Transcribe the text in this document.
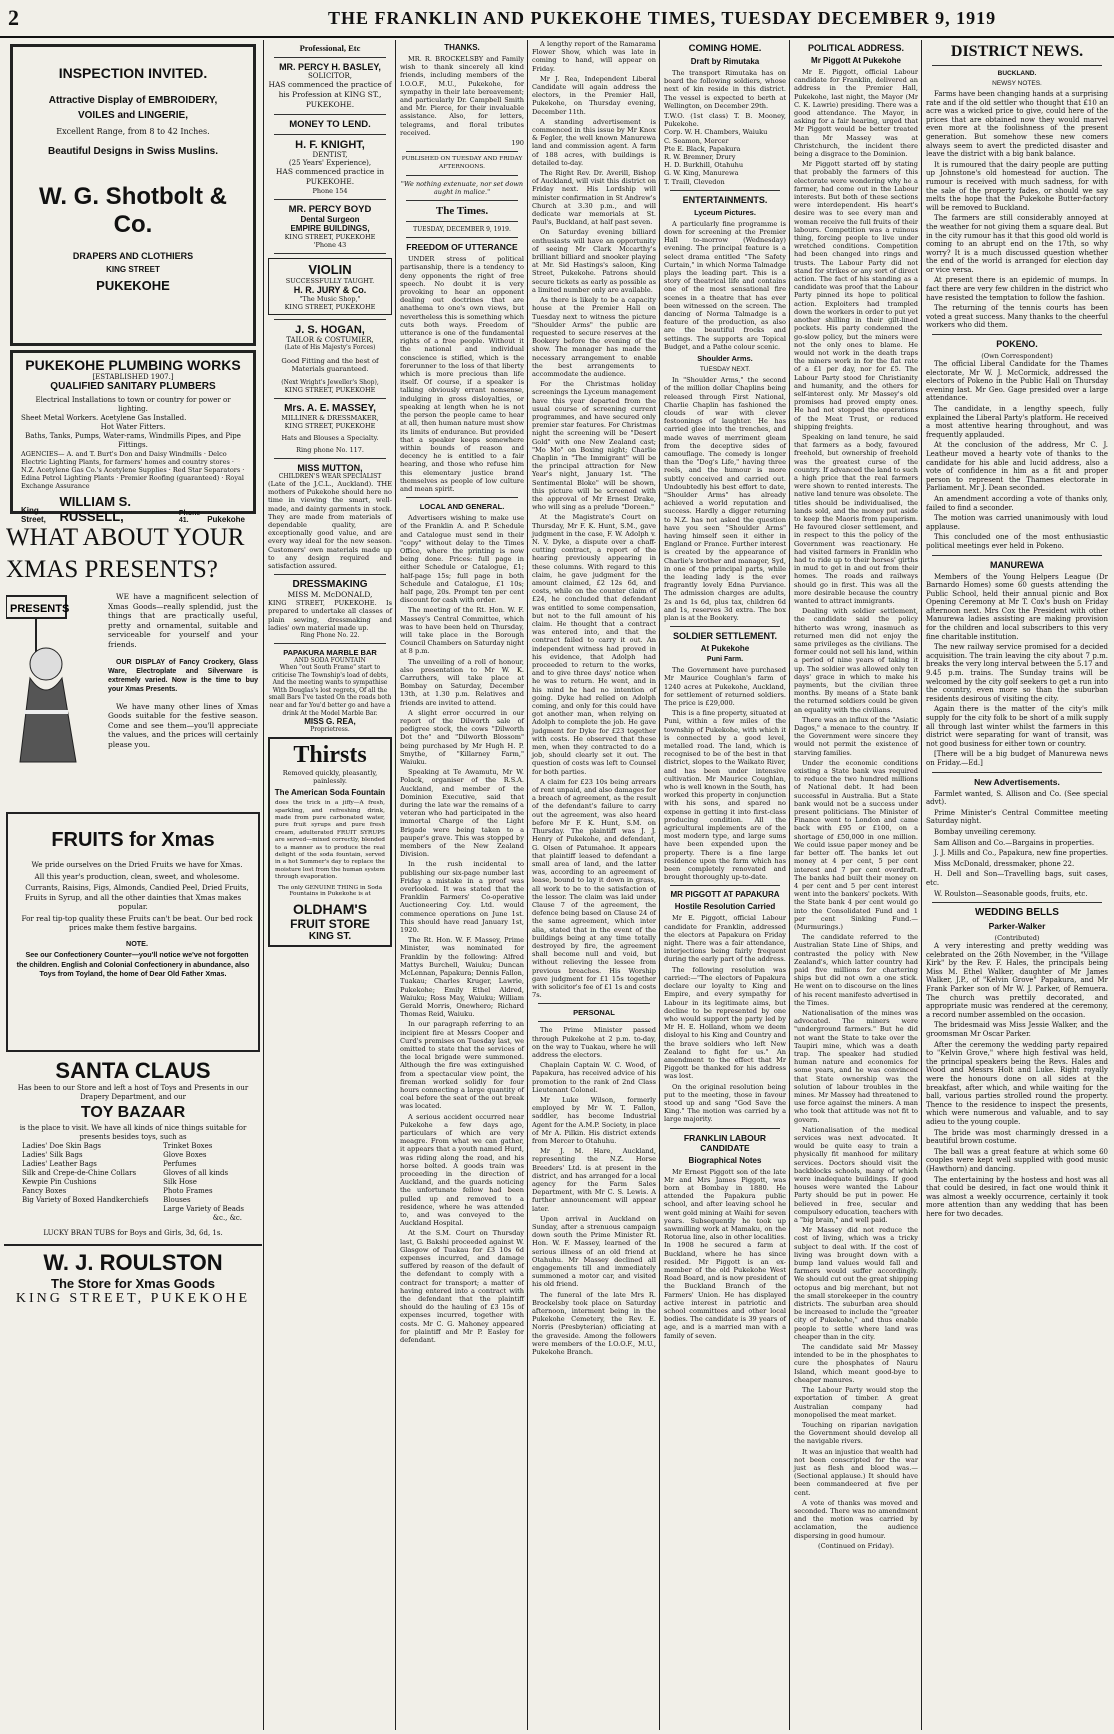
2	THE FRANKLIN AND PUKEKOHE TIMES, TUESDAY DECEMBER 9, 1919
INSPECTION INVITED.
Attractive Display of EMBROIDERY,
VOILES and LINGERIE,
Excellent Range, from 8 to 42 Inches.
Beautiful Designs in Swiss Muslins.
W. G. Shotbolt & Co.
DRAPERS AND CLOTHIERS
KING STREET
PUKEKOHE
PUKEKOHE PLUMBING WORKS
[ESTABLISHED 1907.]
QUALIFIED SANITARY PLUMBERS
Electrical Installations to town or country for power or lighting.
Sheet Metal Workers. Acetylene Gas Installed.
Hot Water Fitters.
Baths, Tanks, Pumps, Water-rams, Windmills Pipes, and Pipe Fittings.
AGENCIES— A. and T. Burt's Don and Daisy Windmills · Delco Electric Lighting Plants, for farmers' homes and country stores · N.Z. Acetylene Gas Co.'s Acetylene Supplies · Red Star Separators · Edina Petrol Lighting Plants · Premier Roofing (guaranteed) · Royal Exchange Assurance
King Street,
WILLIAM S. RUSSELL,	Phone 41.	Pukekohe
WHAT ABOUT YOUR
XMAS PRESENTS?
PRESENTS

WE have a magnificent selection of Xmas Goods—really splendid, just the things that are practically useful, pretty and ornamental, suitable and serviceable for yourself and your friends.

OUR DISPLAY of Fancy Crockery, Glass Ware, Electroplate and Silverware is extremely varied. Now is the time to buy your Xmas Presents.

We have many other lines of Xmas Goods suitable for the festive season. Come and see them—you'll appreciate the values, and the prices will certainly please you.

FRUITS for Xmas

We pride ourselves on the Dried Fruits we have for Xmas.

All this year's production, clean, sweet, and wholesome.

Currants, Raisins, Figs, Almonds, Candied Peel, Dried Fruits, Fruits in Syrup, and all the other dainties that Xmas makes popular.

For real tip-top quality these Fruits can't be beat. Our bed rock prices make them festive bargains.

NOTE.

See our Confectionery Counter—you'll notice we've not forgotten the children. English and Colonial Confectionery in abundance, also Toys from Toyland, the home of Dear Old Father Xmas.

SANTA CLAUS
Has been to our Store and left a host of Toys and Presents in our Drapery Department, and our
TOY BAZAAR
is the place to visit. We have all kinds of nice things suitable for presents besides toys, such as
Ladies' Doe Skin Bags
Ladies' Silk Bags
Ladies' Leather Bags
Silk and Crepe-de-Chine Collars
Kewpie Pin Cushions
Fancy Boxes
Big Variety of Boxed Handkerchiefs
Trinket Boxes
Glove Boxes
Perfumes
Gloves of all kinds
Silk Hose
Photo Frames
Blouses
Large Variety of Beads
&c., &c.
LUCKY BRAN TUBS for Boys and Girls, 3d, 6d, 1s.
W. J. ROULSTON
The Store for Xmas Goods
KING STREET, PUKEKOHE
Professional, Etc
MR. PERCY H. BASLEY,
SOLICITOR,
HAS commenced the practice of his Profession at KING ST., PUKEKOHE.
MONEY TO LEND.
H. F. KNIGHT,
DENTIST,
(25 Years' Experience),
HAS commenced practice in PUKEKOHE.
Phone 154
MR. PERCY BOYD
Dental Surgeon
EMPIRE BUILDINGS,
KING STREET, PUKEKOHE
'Phone 43
VIOLIN
SUCCESSFULLY TAUGHT.
H. R. JURY & Co.
"The Music Shop,"
KING STREET, PUKEKOHE
J. S. HOGAN,
TAILOR & COSTUMIER,
(Late of His Majesty's Forces)
Good Fitting and the best of Materials guaranteed.
(Next Wright's Jeweller's Shop),
KING STREET, PUKEKOHE
Mrs. A. E. MASSEY,
MILLINER & DRESSMAKER,
KING STREET, PUKEKOHE
Hats and Blouses a Specialty.
Ring phone No. 117.
MISS MUTTON,
CHILDREN'S WEAR SPECIALIST
(Late of the J.C.L., Auckland). THE mothers of Pukekohe should here no time in viewing the smart, well-made, and dainty garments in stock. They are made from materials of dependable quality, are exceptionally good value, and are every way ideal for the new season. Customers' own materials made up to any design required and satisfaction assured.
DRESSMAKING
MISS M. McDONALD,
KING STREET, PUKEKOHE. Is prepared to undertake all classes of plain sewing, dressmaking and ladies' own material made up.
Ring Phone No. 22.
PAPAKURA MARBLE BAR
AND SODA FOUNTAIN
When "out South Frame" start to criticise The Township's load of debts, And the meeting wants to sympathise With Douglas's lost regrets, Of all the small Bars I've tasted On the roads both near and far You'd better go and have a drink At the Model Marble Bar.
MISS G. REA,
Proprietress.
Thirsts
Removed quickly, pleasantly, painlessly.
The American Soda Fountain
does the trick in a jiffy—A fresh, sparkling, and refreshing drink, made from pure carbonated water, pure fruit syrups and pure fresh cream, adulterated FRUIT SYRUPS are served—mixed correctly, blended to a manner as to produce the real delight of the soda fountain, served in a hot Summer's day to replace the moisture lost from the human system through evaporation.
The only GENUINE THING in Soda Fountains in Pukekohe is at
OLDHAM'S
FRUIT STORE
KING ST.
THANKS.

MR. R. BROCKELSBY and Family wish to thank sincerely all kind friends, including members of the I.O.O.F., M.U., Pukekohe, for sympathy in their late bereavement; and particularly Dr. Campbell Smith and Mr. Pierce, for their invaluable assistance. Also, for letters, telegrams, and floral tributes received.

190
PUBLISHED ON TUESDAY AND FRIDAY AFTERNOONS.
"We nothing extenuate, nor set down aught in malice."
The Times.
TUESDAY, DECEMBER 9, 1919.
FREEDOM OF UTTERANCE

UNDER stress of political partisanship, there is a tendency to deny opponents the right of free speech. No doubt it is very provoking to hear an opponent dealing out doctrines that are anathema to one's own views, but nevertheless this is something which cuts both ways. Freedom of utterance is one of the fundamental rights of a free people. Without it the national and individual conscience is stifled, which is the forerunner to the loss of that liberty which is more precious than life itself. Of course, if a speaker is talking obviously errant nonsense, indulging in gross disloyalties, or speaking at length when he is not the person the people came to hear at all, then human nature must show its limits of endurance. But provided that a speaker keeps somewhere within bounds of reason and decency he is entitled to a fair hearing, and those who refuse him this elementary justice brand themselves as people of low culture and mean spirit.

LOCAL AND GENERAL.

Advertisers wishing to make use of the Franklin A. and P. Schedule and Catalogue must send in their "copy" without delay to the Times Office, where the printing is now being done. Prices: full page in either Schedule or Catalogue, £1; half-page 15s; full page in both Schedule and Catalogue, £1 10s; half page, 20s. Prompt ten per cent discount for cash with order.

The meeting of the Rt. Hon. W. F. Massey's Central Committee, which was to have been held on Thursday, will take place in the Borough Council Chambers on Saturday night at 8 p.m.

The unveiling of a roll of honour, also presentation to Mr W. K. Carruthers, will take place at Bombay on Saturday, December 13th, at 1.30 p.m. Relatives and friends are invited to attend.

A slight error occurred in our report of the Dilworth sale of pedigree stock, the cows "Dilworth Dot the" and "Dilworth Blossom" being purchased by Mr Hugh H. P. Smythe, of "Killarney Farm," Waiuku.

Speaking at Te Awamutu, Mr W. Polack, organiser of the R.S.A. Auckland, and member of the Dominion Executive, said that during the late war the remains of a veteran who had participated in the immortal Charge of the Light Brigade were being taken to a pauper's grave. This was stopped by members of the New Zealand Division.

In the rush incidental to publishing our six-page number last Friday a mistake in a proof was overlooked. It was stated that the Franklin Farmers' Co-operative Auctioneering Coy. Ltd. would commence operations on June 1st. This should have read January 1st, 1920.

The Rt. Hon. W. F. Massey, Prime Minister, was nominated for Franklin by the following: Alfred Mattys Burchell, Waiuku; Duncan McLennan, Papakura; Dennis Fallon, Tuakau; Charles Kruger, Lawrie, Pukekohe; Emily Ethel Aldred, Waiuku; Ross May, Waiuku; William Gerald Morris, Onewhero; Richard Thomas Reid, Waiuku.

In our paragraph referring to an incipient fire at Messrs Cooper and Curd's premises on Tuesday last, we omitted to state that the services of the local brigade were summoned. Although the fire was extinguished from a spectacular view point, the fireman worked solidly for four hours connecting a large quantity of coal before the seat of the out break was located.

A serious accident occurred near Pukekohe a few days ago, particulars of which are very meagre. From what we can gather, it appears that a youth named Hurd, was riding along the road, and his horse bolted. A goods train was proceeding in the direction of Auckland, and the guards noticing the unfortunate fellow had been pulled up and removed to a residence, where he was attended to, and was conveyed to the Auckland Hospital.

At the S.M. Court on Thursday last, G. Bakshi proceeded against W. Glasgow of Tuakau for £3 10s 6d expenses incurred, and damage suffered by reason of the default of the defendant to comply with a contract for transport; a matter of having entered into a contract with the defendant that the plaintiff should do the hauling of £3 15s of expenses incurred, together with costs. Mr C. G. Mahoney appeared for plaintiff and Mr P. Easley for defendant.

A lengthy report of the Ramarama Flower Show, which was late in coming to hand, will appear on Friday.

Mr J. Rea, Independent Liberal Candidate will again address the electors, in the Premier Hall, Pukekohe, on Thursday evening, December 11th.

A standing advertisement is commenced in this issue by Mr Knox & Fegler, the well known Manurewa land and commission agent. A farm of 188 acres, with buildings is detailed to-day.

The Right Rev. Dr. Averill, Bishop of Auckland, will visit this district on Friday next. His Lordship will minister confirmation in St Andrew's Church at 3.30 p.m., and will dedicate war memorials at St. Paul's, Buckland, at half past seven.

On Saturday evening billiard enthusiasts will have an opportunity of seeing Mr Clark Mccarthy's brilliant billiard and snooker playing at Mr. Sid Hastings's saloon, King Street, Pukekohe. Patrons should secure tickets as early as possible as a limited number only are available.

As there is likely to be a capacity house at the Premier Hall on Tuesday next to witness the picture "Shoulder Arms" the public are requested to secure reserves at the Bookery before the evening of the show. The manager has made the necessary arrangement to enable the best arrangements to accommodate the audience.

For the Christmas holiday screenings the Lyceum management have this year departed from the usual course of screening current programmes, and have secured only premier star features. For Christmas night the screening will be "Desert Gold" with one New Zealand cast; "Mo Mo" on Boxing night; Charlie Chaplin in "The Immigrant" will be the principal attraction for New Year's night, January 1st. "The Sentimental Bloke" will be shown, this picture will be screened with the approval of Mr Ernest Drake, who will sing as a prelude "Doreen."

At the Magistrate's Court on Thursday, Mr F. K. Hunt, S.M., gave judgment in the case, F. W. Adolph v. N. V. Dyke, a dispute over a chaff-cutting contract, a report of the hearing previously appearing in these columns. With regard to this claim, he gave judgment for the amount claimed, £2 12s 6d, and costs, while on the counter claim of £24, he concluded that defendant was entitled to some compensation, but not to the full amount of his claim. He thought that a contract was entered into, and that the contract failed to carry it out. An independent witness had proved in his evidence, that Adolph had proceeded to return to the works, and to give three days' notice when he was to return. He went, and in his mind he had no intention of going. Dyke had relied on Adolph coming, and only for this could have got another man, when relying on Adolph to complete the job. He gave judgment for Dyke for £23 together with costs. He observed that these men, when they contracted to do a job, should clearly set it out. The question of costs was left to Counsel for both parties.

A claim for £23 10s being arrears of rent unpaid, and also damages for a breach of agreement, as the result of the defendant's failure to carry out the agreement, was also heard before Mr F. K. Hunt, S.M. on Thursday. The plaintiff was J. J. Henry of Pukekohe, and defendant, G. Olsen of Patumahoe. It appears that plaintiff leased to defendant a small area of land, and the latter was, according to an agreement of lease, bound to lay it down in grass, all work to be to the satisfaction of the lessor. The claim was laid under Clause 7 of the agreement, the defence being based on Clause 24 of the same agreement, which inter alia, stated that in the event of the buildings being at any time totally destroyed by fire, the agreement shall become null and void, but without relieving the lessee from previous breaches. His Worship gave judgment for £1 15s together with solicitor's fee of £1 1s and costs 7s.

PERSONAL

The Prime Minister passed through Pukekohe at 2 p.m. to-day, on the way to Tuakau, where he will address the electors.

Chaplain Captain W. C. Wood, of Papakura, has received advice of his promotion to the rank of 2nd Class Lieutenant Colonel.

Mr Luke Wilson, formerly employed by Mr W. T. Fallon, saddler, has become Industrial Agent for the A.M.P. Society, in place of Mr A. Pilkin. His district extends from Mercer to Otahuhu.

Mr J. M. Hare, Auckland, representing the N.Z. Horse Breeders' Ltd. is at present in the district, and has arranged for a local agency for the Farm Sales Department, with Mr C. S. Lewis. A further announcement will appear later.

Upon arrival in Auckland on Sunday, after a strenuous campaign down south the Prime Minister Rt. Hon. W. F. Massey, learned of the serious illness of an old friend at Otahuhu. Mr Massey declined all engagements till and immediately summoned a motor car, and visited his old friend.

The funeral of the late Mrs R. Brockelsby took place on Saturday afternoon, interment being in the Pukekohe Cemetery, the Rev. E. Norris (Presbyterian) officiating at the graveside. Among the followers were members of the I.O.O.F., M.U., Pukekohe Branch.

COMING HOME.
Draft by Rimutaka

The transport Rimutaka has on board the following soldiers, whose next of kin reside in this district. The vessel is expected to berth at Wellington, on December 29th.

T.W.O. (1st class) T. B. Mooney, Pukekohe.
Corp. W. H. Chambers, Waiuku
C. Seamon, Mercer
Pte E. Black, Papakura
R. W. Bremner, Drury
H. D. Burkhill, Otahuhu
G. W. King, Manurewa
T. Traill, Clevedon
ENTERTAINMENTS.
Lyceum Pictures.

A particularly fine programme is down for screening at the Premier Hall to-morrow (Wednesday) evening. The principal feature is a select drama entitled "The Safety Curtain," in which Norma Talmadge plays the leading part. This is a story of theatrical life and contains one of the most sensational fire scenes in a theatre that has ever been witnessed on the screen. The dancing of Norma Talmadge is a feature of the production, as also are the beautiful frocks and settings. The supports are Topical Budget, and a Pathe colour scenic.

Shoulder Arms.
TUESDAY NEXT.

In "Shoulder Arms," the second of the million dollar Chaplins being released through First National, Charlie Chaplin has fashioned the clouds of war with clever festoonings of laughter. He has carried glee into the trenches, and made waves of merriment gleam from the deceptive sides of camouflage. The comedy is longer than the "Dog's Life," having three reels, and the humour is more subtly conceived and carried out. Undoubtedly his best effort to date, "Shoulder Arms" has already achieved a world reputation and success. Hardly a digger returning to N.Z. has not asked the question have you seen "Shoulder Arms" having himself seen it either in England or France. Further interest is created by the appearance of Charlie's brother and manager, Syd, in one of the principal parts, while the leading lady is the ever fragrantly lovely Edna Purviance. The admission charges are adults, 2s and 1s 6d, plus tax, children 6d and 1s, reserves 3d extra. The box plan is at the Bookery.

SOLDIER SETTLEMENT.
At Pukekohe
Puni Farm.

The Government have purchased Mr Maurice Coughlan's farm of 1240 acres at Pukekohe, Auckland, for settlement of returned soldiers. The price is £29,000.

This is a fine property, situated at Puni, within a few miles of the township of Pukekohe, with which it is connected by a good level, metalled road. The land, which is recognised to be of the best in that district, slopes to the Waikato River, and has been under intensive cultivation. Mr Maurice Coughlan, who is well known in the South, has worked this property in conjunction with his sons, and spared no expense in getting it into first-class producing condition. All the agricultural implements are of the most modern type, and large sums have been expended upon the property. There is a fine large residence upon the farm which has been completely renovated and brought thoroughly up-to-date.

MR PIGGOTT AT PAPAKURA
Hostile Resolution Carried

Mr E. Piggott, official Labour candidate for Franklin, addressed the electors at Papakura on Friday night. There was a fair attendance, interjections being fairly frequent during the early part of the address.

The following resolution was carried:—"The electors of Papakura declare our loyalty to King and Empire, and every sympathy for Labour in its legitimate aims, but decline to be represented by one who would support the party led by Mr H. E. Holland, whom we deem disloyal to his King and Country and the brave soldiers who left New Zealand to fight for us." An amendment to the effect that Mr Piggott be thanked for his address was lost.

On the original resolution being put to the meeting, those in favour stood up and sang "God Save the King." The motion was carried by a large majority.

FRANKLIN LABOUR CANDIDATE
Biographical Notes

Mr Ernest Piggott son of the late Mr and Mrs James Piggott, was born at Bombay in 1880. He attended the Papakura public school, and after leaving school he went gold mining at Waihi for seven years. Subsequently he took up sawmilling work at Mamaku, on the Rotorua line, also in other localities. In 1908 he secured a farm at Buckland, where he has since resided. Mr Piggott is an ex-member of the old Pukekohe West Road Board, and is now president of the Buckland Branch of the Farmers' Union. He has displayed active interest in patriotic and school committees and other local bodies. The candidate is 39 years of age, and is a married man with a family of seven.

POLITICAL ADDRESS.
Mr Piggott At Pukekohe

Mr E. Piggott, official Labour candidate for Franklin, delivered an address in the Premier Hall, Pukekohe, last night, the Mayor (Mr C. K. Lawrie) presiding. There was a good attendance. The Mayor, in asking for a fair hearing, urged that Mr Piggott would be better treated than Mr Massey was at Christchurch, the incident there being a disgrace to the Dominion.

Mr Piggott started off by stating that probably the farmers of this electorate were wondering why he a farmer, had come out in the Labour interests. But both of these sections were interdependent. His heart's desire was to see every man and woman receive the full fruits of their labours. Competition was a ruinous thing, forcing people to live under wretched conditions. Competition had been changed into rings and trusts. The Labour Party did not stand for strikes or any sort of direct action. The fact of his standing as a candidate was proof that the Labour Party pinned its hope to political action. Exploiters had trampled down the workers in order to put yet another shilling in their gilt-lined pockets. His party condemned the go-slow policy, but the miners were not the only ones to blame. He would not work in the death traps the miners work in for the flat rate of a £1 per day, nor for £5. The Labour Party stood for Christianity and humanity, and the others for self-interest only. Mr Massey's old promises had proved empty ones. He had not stopped the operations of the Meat Trust, or reduced shipping freights.

Speaking on land tenure, he said that farmers as a body, favoured freehold, but ownership of freehold was the greatest curse of the country. If advanced the land to such a high price that the real farmers were shown to rented interests. The native land tenure was obsolete. The titles should be individualised, the lands sold, and the money put aside to keep the Maoris from pauperism. He favoured closer settlement, and in respect to this the policy of the Government was reactionary. He had visited farmers in Franklin who had to ride up to their horses' girths in mud to get in and out from their homes. The roads and railways should go in first. This was all the more desirable because the country wanted to attract immigrants.

Dealing with soldier settlement, the candidate said the policy hitherto was wrong, inasmuch as returned men did not enjoy the same privileges as the civilians. The former could not sell his land, within a period of nine years of taking it up. The soldier was allowed only ten days' grace in which to make his payments, but the civilian three months. By means of a State bank the returned soldiers could be given an equality with the civilians.

There was an influx of the "Asiatic Dagos," a menace to the country. If the Government were sincere they would not permit the existence of starving families.

Under the economic conditions existing a State bank was required to reduce the two hundred millions of National debt. It had been successful in Australia. But a State bank would not be a success under present politicians. The Minister of Finance went to London and came back with £95 or £100, on a shortage of £50,000 in one million. We could issue paper money and be far better off. The banks let out money at 4 per cent, 5 per cent interest and 7 per cent overdraft. The banks had built their money on 4 per cent and 5 per cent interest went into the bankers' pockets. With the State bank 4 per cent would go into the Consolidated Fund and 1 per cent Sinking Fund.—(Murmurings.)

The candidate referred to the Australian State Line of Ships, and contrasted the policy with New Zealand's, which latter country had paid five millions for chartering ships but did not own a one stick. He went on to discourse on the lines of his recent manifesto advertised in the Times.

Nationalisation of the mines was advocated. The miners were "underground farmers." But he did not want the State to take over the Taupiri mine, which was a death trap. The speaker had studied human nature and economics for some years, and he was convinced that State ownership was the solution of labour troubles in the mines. Mr Massey had threatened to use force against the miners. A man who took that attitude was not fit to govern.

Nationalisation of the medical services was next advocated. It would be quite easy to train a physically fit manhood for military services. Doctors should visit the backblocks schools, many of which were inadequate buildings. If good houses were wanted the Labour Party should be put in power. He believed in free, secular and compulsory education, teachers with a "big brain," and well paid.

Mr Massey did not reduce the cost of living, which was a tricky subject to deal with. If the cost of living was brought down with a bump land values would fall and farmers would suffer accordingly. We should cut out the great shipping octopus and big merchant, but not the small storekeeper in the country districts. The suburban area should be increased to include the "greater city of Pukekohe," and thus enable people to settle where land was cheaper than in the city.

The candidate said Mr Massey intended to be in the phosphates to cure the phosphates of Nauru Island, which meant good-bye to cheaper manures.

The Labour Party would stop the exportation of timber. A great Australian company had monopolised the meat market.

Touching on riparian navigation the Government should develop all the navigable rivers.

It was an injustice that wealth had not been conscripted for the war just as flesh and blood was.—(Sectional applause.) It should have been commandeered at five per cent.

A vote of thanks was moved and seconded. There was no amendment and the motion was carried by acclamation, the audience dispersing in good humour.

(Continued on Friday).
DISTRICT NEWS.
BUCKLAND.
NEWSY NOTES.

Farms have been changing hands at a surprising rate and if the old settler who thought that £10 an acre was a wicked price to give, could here of the prices that are obtained now they would marvel even more at the foolishness of the present generation. But somehow these new comers always seem to avert the predicted disaster and leave the district with a big bank balance.

It is rumoured that the dairy people are putting up Johnstone's old homestead for auction. The rumour is received with much sadness, for with the sale of the property fades, or should we say melts the hope that the Pukekohe Butter-factory will be removed to Buckland.

The farmers are still considerably annoyed at the weather for not giving them a square deal. But in the city rumour has it that this good old world is coming to an abrupt end on the 17th, so why worry? It is a much discussed question whether the end of the world is arranged for election day or vice versa.

At present there is an epidemic of mumps. In fact there are very few children in the district who have resisted the temptation to follow the fashion.

The returning of the tennis courts has been voted a great success. Many thanks to the cheerful workers who did them.

POKENO.
(Own Correspondent)

The official Liberal Candidate for the Thames electorate, Mr W. J. McCormick, addressed the electors of Pokeno in the Public Hall on Thursday evening last. Mr Geo. Gage presided over a large attendance.

The candidate, in a lengthy speech, fully explained the Liberal Party's platform. He received a most attentive hearing throughout, and was frequently applauded.

At the conclusion of the address, Mr C. J. Leatheur moved a hearty vote of thanks to the candidate for his able and lucid address, also a vote of confidence in him as a fit and proper person to represent the Thames electorate in Parliament. Mr J. Dean seconded.

An amendment according a vote of thanks only, failed to find a seconder.

The motion was carried unanimously with loud applause.

This concluded one of the most enthusiastic political meetings ever held in Pokeno.

MANUREWA

Members of the Young Helpers League (Dr Barnardo Homes) some 60 guests attending the Public School, held their annual picnic and Box Opening Ceremony at Mr T. Cox's bush on Friday afternoon next. Mrs Cox the President with other Manurewa ladies assisting are making provision for the children and local subscribers to this very fine charitable institution.

The new railway service promised for a decided acquisition. The train leaving the city about 7 p.m. breaks the very long interval between the 5.17 and 9.45 p.m. trains. The Sunday trains will be welcomed by the city golf seekers to get a run into the country, even more so than the suburban residents desirous of visiting the city.

Again there is the matter of the city's milk supply for the city folk to be short of a milk supply all through last winter whilst the farmers in this district were separating for want of transit, was not good business for either town or country.

[There will be a big budget of Manurewa news on Friday.—Ed.]

New Advertisements.

Farmlet wanted, S. Allison and Co. (See special advt).

Prime Minister's Central Committee meeting Saturday night.

Bombay unveiling ceremony.

Sam Allison and Co.—Bargains in properties.

J. J. Mills and Co., Papakura, new fine properties.

Miss McDonald, dressmaker, phone 22.

H. Dell and Son—Travelling bags, suit cases, etc.

W. Roulston—Seasonable goods, fruits, etc.

WEDDING BELLS
Parker-Walker
(Contributed)

A very interesting and pretty wedding was celebrated on the 26th November, in the "Village Kirk" by the Rev. F. Hales, the principals being Miss M. Ethel Walker, daughter of Mr James Walker, J.P., of "Kelvin Grove" Papakura, and Mr Frank Parker son of Mr W. J. Parker, of Remuera. The church was prettily decorated, and appropriate music was rendered at the ceremony, a record number assembled on the occasion.

The bridesmaid was Miss Jessie Walker, and the groomsman Mr Oscar Parker.

After the ceremony the wedding party repaired to "Kelvin Grove," where high festival was held, the principal speakers being the Revs. Hales and Wood and Messrs Holt and Luke. Right royally were the honours done on all sides at the breakfast, after which, and while waiting for the ball, various parties strolled round the property. Thence to the residence to inspect the presents, which were numerous and valuable, and to say adieu to the young couple.

The bride was most charmingly dressed in a beautiful brown costume.

The ball was a great feature at which some 60 couples were kept well supplied with good music (Hawthorn) and dancing.

The entertaining by the hostess and host was all that could be desired, in fact one would think it was almost a weekly occurrence, certainly it took more attention than any wedding that has been here for two decades.
